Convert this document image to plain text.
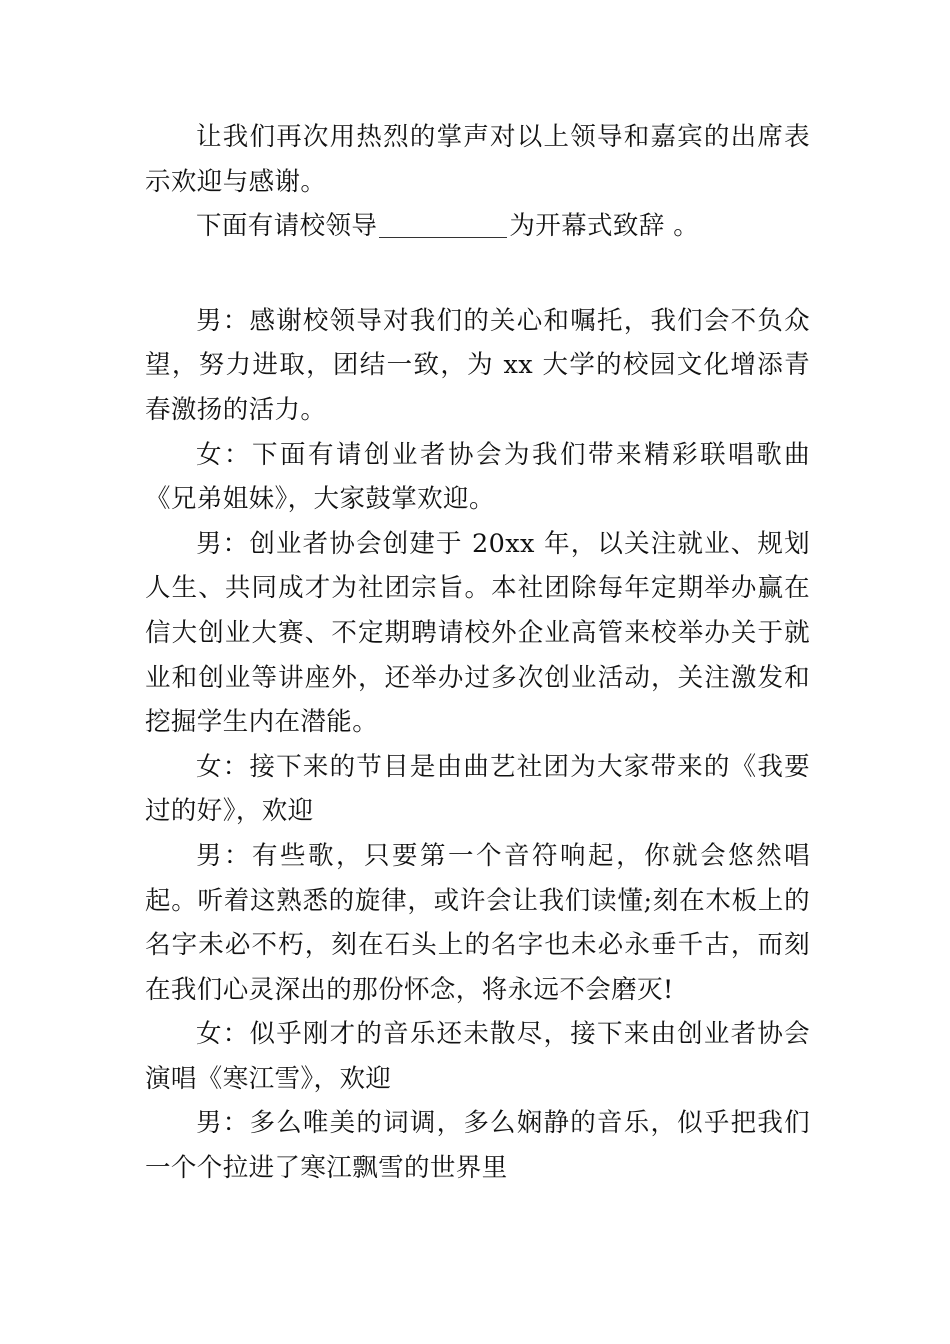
让我们再次用热烈的掌声对以上领导和嘉宾的出席表示欢迎与感谢。

下面有请校领导	为开幕式致辞 。

男：感谢校领导对我们的关心和嘱托，我们会不负众望，努力进取，团结一致，为 xx 大学的校园文化增添青春激扬的活力。

女：下面有请创业者协会为我们带来精彩联唱歌曲《兄弟姐妹》，大家鼓掌欢迎。

男：创业者协会创建于 20xx 年，以关注就业、规划人生、共同成才为社团宗旨。本社团除每年定期举办赢在信大创业大赛、不定期聘请校外企业高管来校举办关于就业和创业等讲座外，还举办过多次创业活动，关注激发和挖掘学生内在潜能。

女：接下来的节目是由曲艺社团为大家带来的《我要过的好》，欢迎

男：有些歌，只要第一个音符响起，你就会悠然唱起。听着这熟悉的旋律，或许会让我们读懂;刻在木板上的名字未必不朽，刻在石头上的名字也未必永垂千古，而刻在我们心灵深出的那份怀念，将永远不会磨灭!

女：似乎刚才的音乐还未散尽，接下来由创业者协会演唱《寒江雪》，欢迎

男：多么唯美的词调，多么娴静的音乐，似乎把我们一个个拉进了寒江飘雪的世界里
